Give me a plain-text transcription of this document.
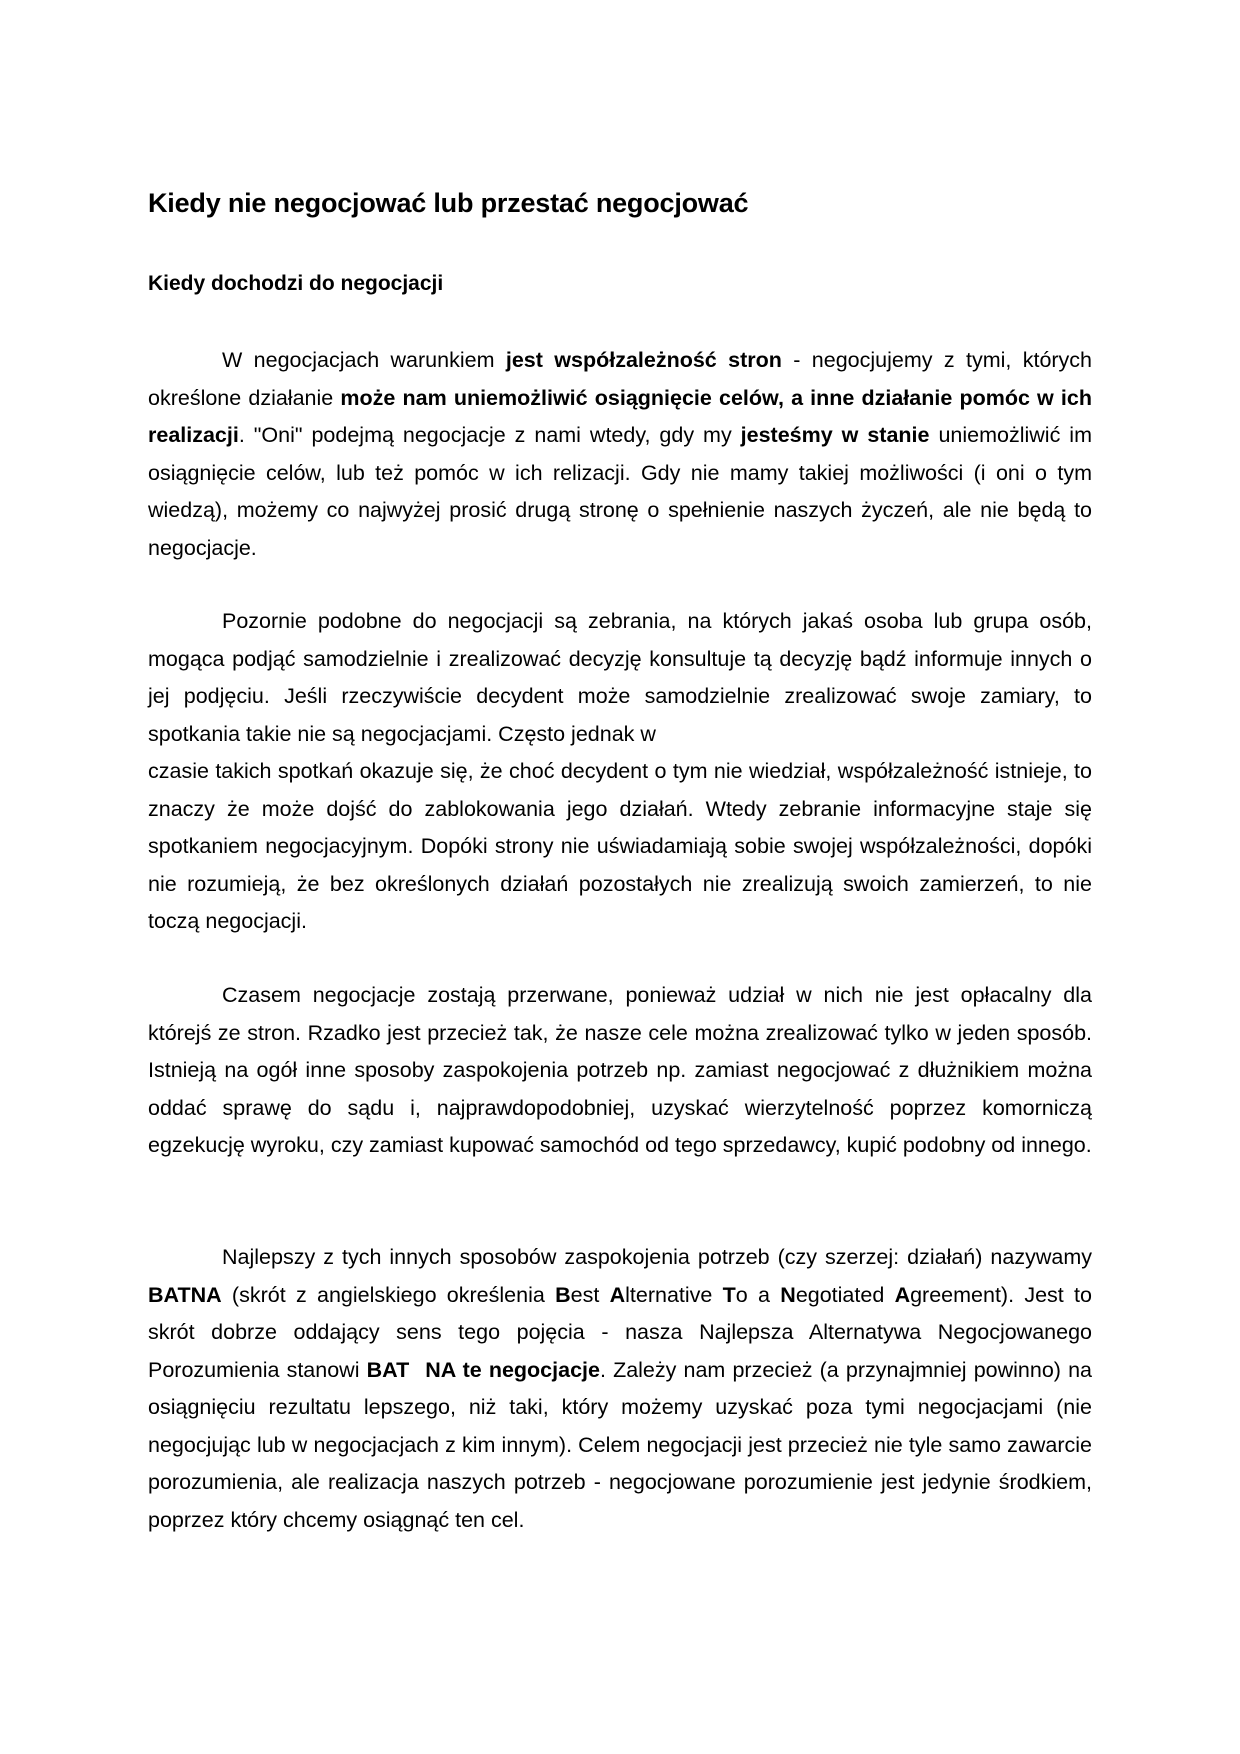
Kiedy nie negocjować lub przestać negocjować
Kiedy dochodzi do negocjacji

W negocjacjach warunkiem jest współzależność stron - negocjujemy z tymi, których określone działanie może nam uniemożliwić osiągnięcie celów, a inne działanie pomóc w ich realizacji. "Oni" podejmą negocjacje z nami wtedy, gdy my jesteśmy w stanie uniemożliwić im osiągnięcie celów, lub też pomóc w ich relizacji. Gdy nie mamy takiej możliwości (i oni o tym wiedzą), możemy co najwyżej prosić drugą stronę o spełnienie naszych życzeń, ale nie będą to negocjacje.

Pozornie podobne do negocjacji są zebrania, na których jakaś osoba lub grupa osób, mogąca podjąć samodzielnie i zrealizować decyzję konsultuje tą decyzję bądź informuje innych o jej podjęciu. Jeśli rzeczywiście decydent może samodzielnie zrealizować swoje zamiary, to spotkania takie nie są negocjacjami. Często jednak w

czasie takich spotkań okazuje się, że choć decydent o tym nie wiedział, współzależność istnieje, to znaczy że może dojść do zablokowania jego działań. Wtedy zebranie informacyjne staje się spotkaniem negocjacyjnym. Dopóki strony nie uświadamiają sobie swojej współzależności, dopóki nie rozumieją, że bez określonych działań pozostałych nie zrealizują swoich zamierzeń, to nie toczą negocjacji.

Czasem negocjacje zostają przerwane, ponieważ udział w nich nie jest opłacalny dla którejś ze stron. Rzadko jest przecież tak, że nasze cele można zrealizować tylko w jeden sposób. Istnieją na ogół inne sposoby zaspokojenia potrzeb np. zamiast negocjować z dłużnikiem można oddać sprawę do sądu i, najprawdopodobniej, uzyskać wierzytelność poprzez komorniczą egzekucję wyroku, czy zamiast kupować samochód od tego sprzedawcy, kupić podobny od innego.

Najlepszy z tych innych sposobów zaspokojenia potrzeb (czy szerzej: działań) nazywamy BATNA (skrót z angielskiego określenia Best Alternative To a Negotiated Agreement). Jest to skrót dobrze oddający sens tego pojęcia - nasza Najlepsza Alternatywa Negocjowanego Porozumienia stanowi BAT NA te negocjacje. Zależy nam przecież (a przynajmniej powinno) na osiągnięciu rezultatu lepszego, niż taki, który możemy uzyskać poza tymi negocjacjami (nie negocjując lub w negocjacjach z kim innym). Celem negocjacji jest przecież nie tyle samo zawarcie porozumienia, ale realizacja naszych potrzeb - negocjowane porozumienie jest jedynie środkiem, poprzez który chcemy osiągnąć ten cel.
